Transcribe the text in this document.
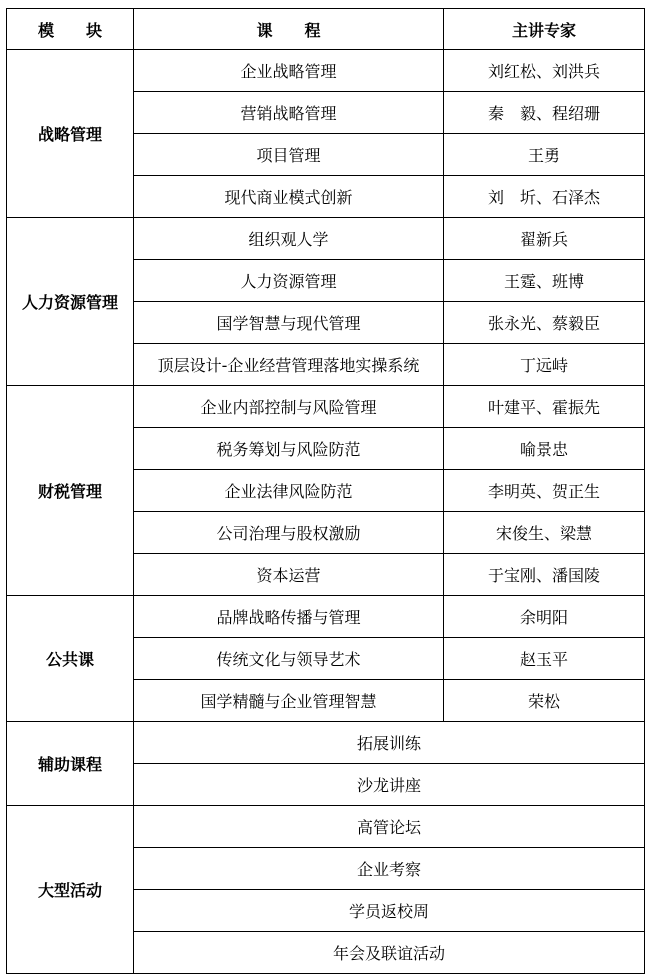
模　　块	课　　程	主讲专家
战略管理	企业战略管理	刘红松、刘洪兵
	营销战略管理	秦　毅、程绍珊
	项目管理	王勇
	现代商业模式创新	刘　圻、石泽杰
人力资源管理	组织观人学	翟新兵
	人力资源管理	王霆、班博
	国学智慧与现代管理	张永光、蔡毅臣
	顶层设计-企业经营管理落地实操系统	丁远峙
财税管理	企业内部控制与风险管理	叶建平、霍振先
	税务筹划与风险防范	喻景忠
	企业法律风险防范	李明英、贺正生
	公司治理与股权激励	宋俊生、梁慧
	资本运营	于宝刚、潘国陵
公共课	品牌战略传播与管理	余明阳
	传统文化与领导艺术	赵玉平
	国学精髓与企业管理智慧	荣松
辅助课程	拓展训练	
	沙龙讲座	
大型活动	高管论坛	
	企业考察	
	学员返校周	
	年会及联谊活动	
